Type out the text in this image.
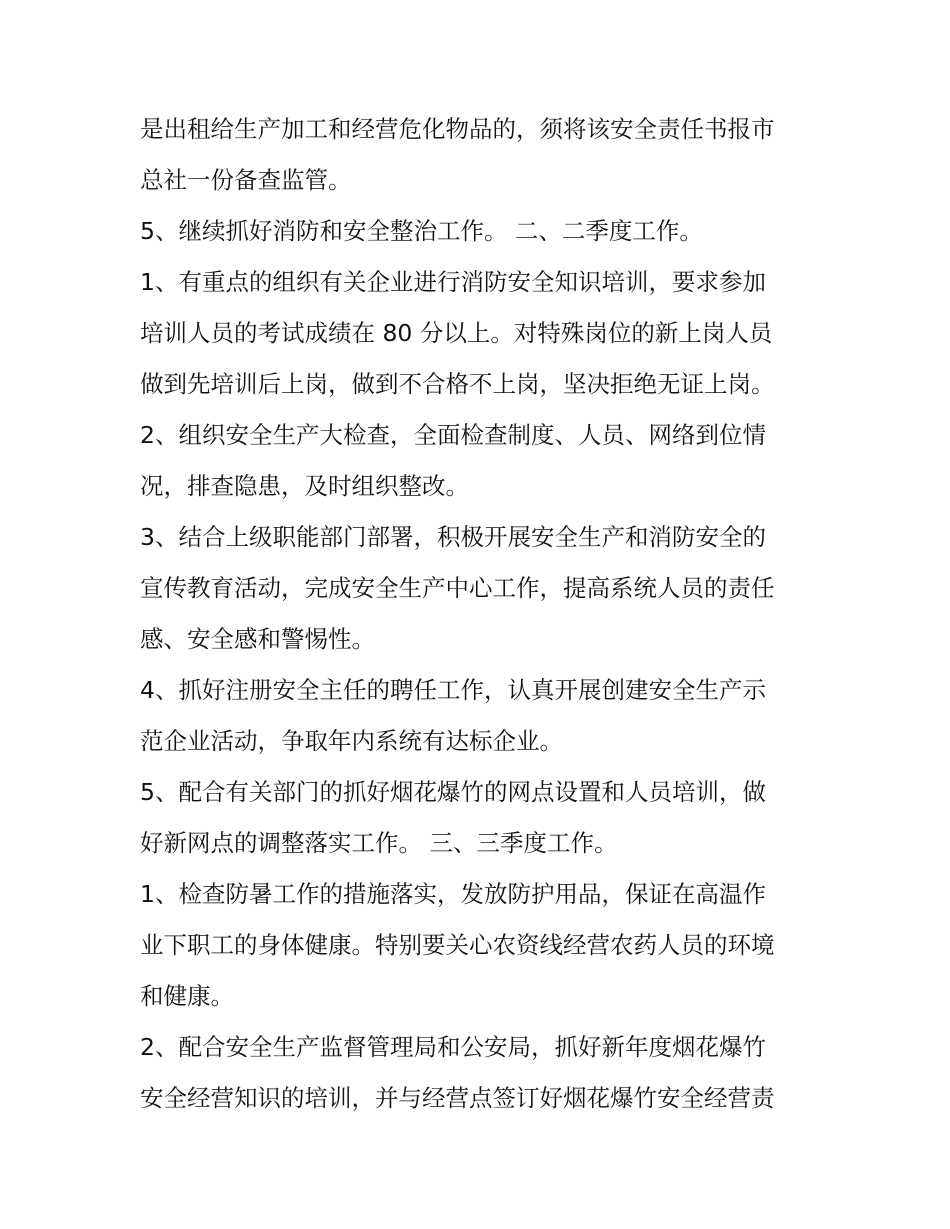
是出租给生产加工和经营危化物品的，须将该安全责任书报市
总社一份备查监管。
5、继续抓好消防和安全整治工作。 二、二季度工作。
1、有重点的组织有关企业进行消防安全知识培训，要求参加
培训人员的考试成绩在 80 分以上。对特殊岗位的新上岗人员
做到先培训后上岗，做到不合格不上岗，坚决拒绝无证上岗。
2、组织安全生产大检查，全面检查制度、人员、网络到位情
况，排查隐患，及时组织整改。
3、结合上级职能部门部署，积极开展安全生产和消防安全的
宣传教育活动，完成安全生产中心工作，提高系统人员的责任
感、安全感和警惕性。
4、抓好注册安全主任的聘任工作，认真开展创建安全生产示
范企业活动，争取年内系统有达标企业。
5、配合有关部门的抓好烟花爆竹的网点设置和人员培训，做
好新网点的调整落实工作。 三、三季度工作。
1、检查防暑工作的措施落实，发放防护用品，保证在高温作
业下职工的身体健康。特别要关心农资线经营农药人员的环境
和健康。
2、配合安全生产监督管理局和公安局，抓好新年度烟花爆竹
安全经营知识的培训，并与经营点签订好烟花爆竹安全经营责
